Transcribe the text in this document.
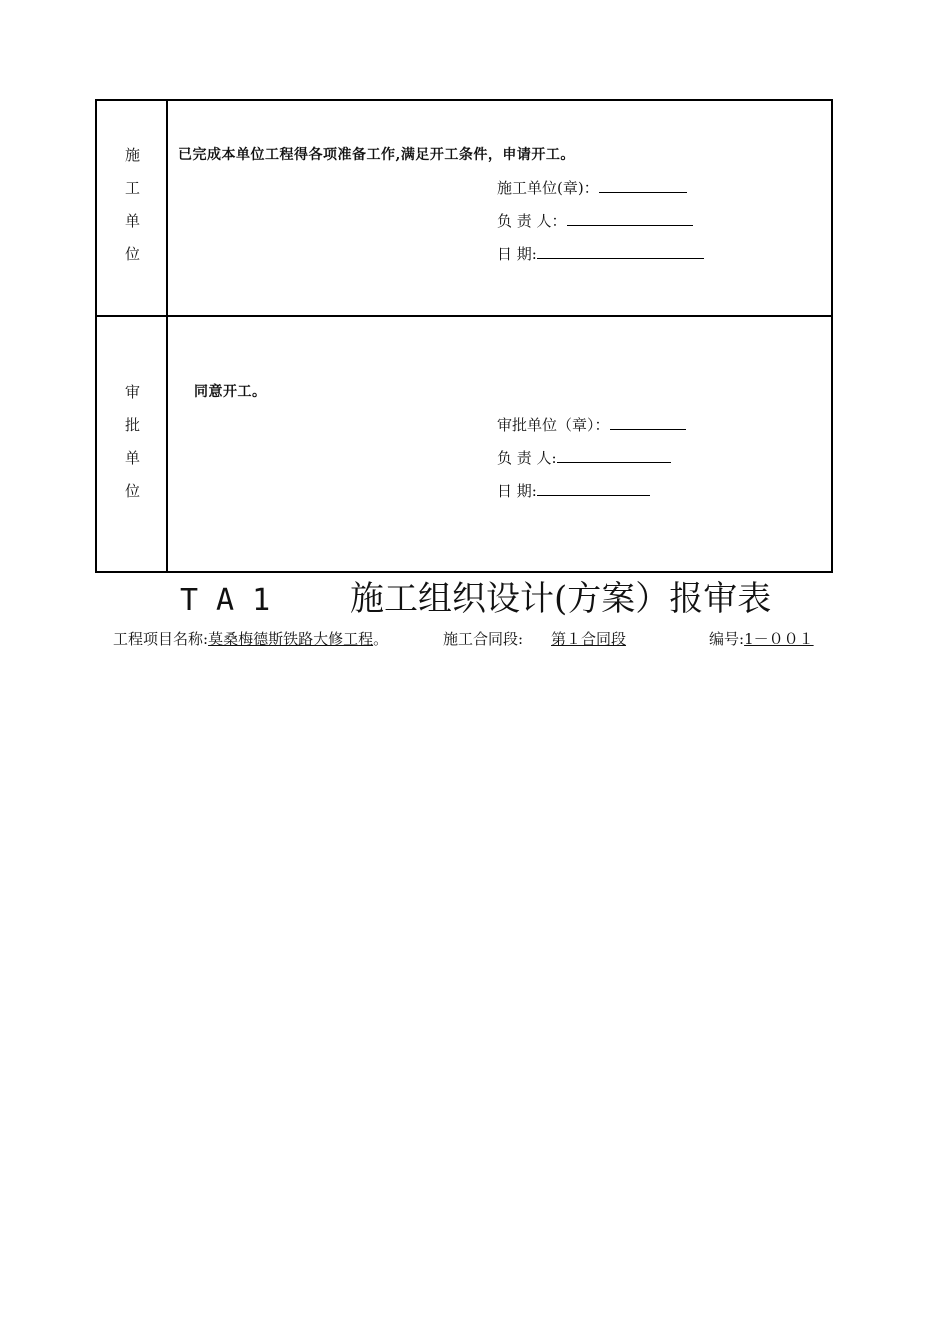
施
工
单
位
已完成本单位工程得各项准备工作,满足开工条件，申请开工。
施工单位(章)：
负 责 人：
日 期:
审
批
单
位
同意开工。
审批单位（章）：
负 责 人:
日 期:
TA1 施工组织设计(方案）报审表
工程项目名称:莫桑梅德斯铁路大修工程。	施工合同段: 第１合同段	编号:1－００１
